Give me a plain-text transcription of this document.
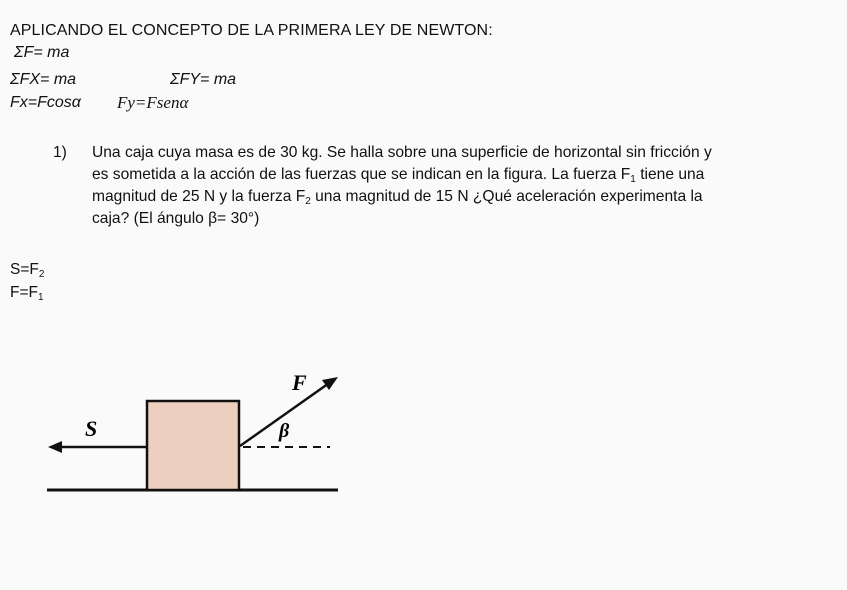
APLICANDO EL CONCEPTO DE LA PRIMERA LEY DE NEWTON:
ΣF= ma
ΣFX= ma	ΣFY= ma
Fx=Fcosα Fy=Fsenα
1) Una caja cuya masa es de 30 kg. Se halla sobre una superficie de horizontal sin fricción y
es sometida a la acción de las fuerzas que se indican en la figura. La fuerza $F_1$ tiene una
magnitud de 25 N y la fuerza $F_2$ una magnitud de 15 N ¿Qué aceleración experimenta la
caja? (El ángulo β= 30°)
$S=F_2$
$F=F_1$
S
F
β
